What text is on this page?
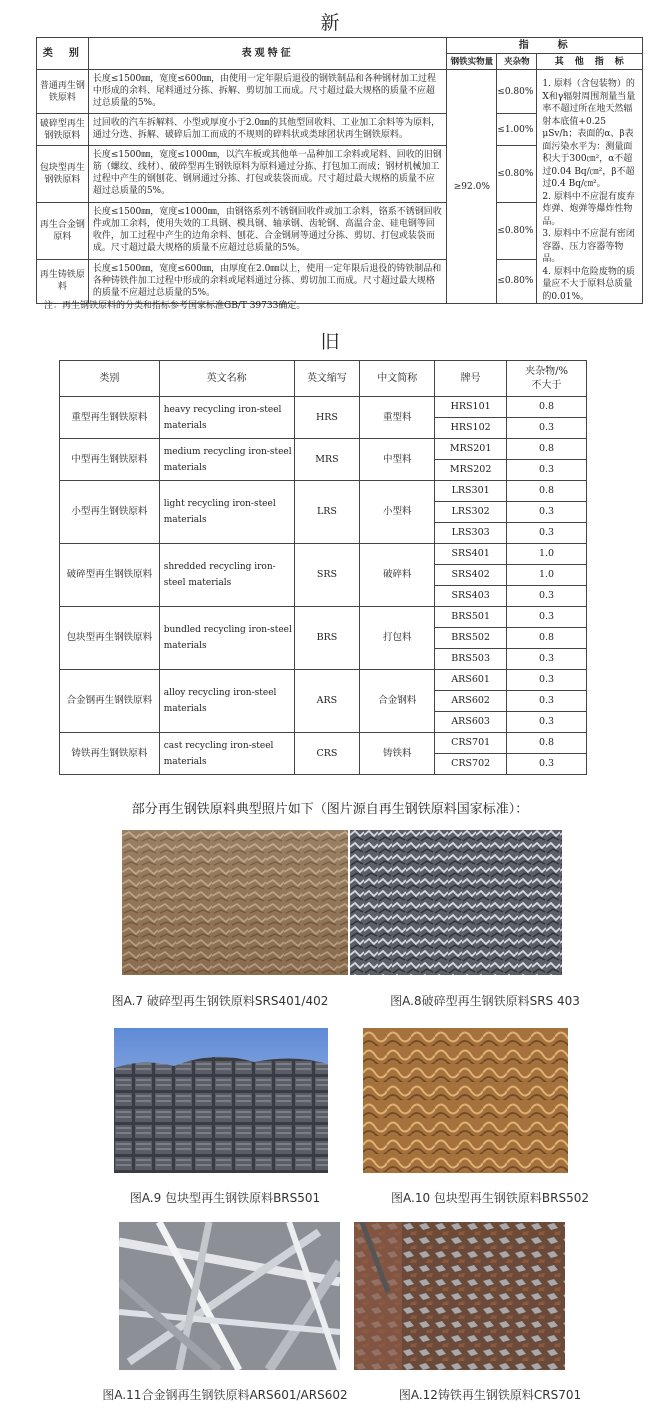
新
类　别	表观特征	指　　标		
		钢铁实物量	夹杂物	其　他　指　标
普通再生钢铁原料	长度≤1500㎜，宽度≤600㎜，由使用一定年限后退役的钢铁制品和各种钢材加工过程中形成的余料、尾料通过分拣、拆解、剪切加工而成。尺寸超过最大规格的质量不应超过总质量的5%。	≥92.0%	≤0.80%	1. 原料（含包装物）的X和γ辐射周围剂量当量率不超过所在地天然辐射本底值+0.25 μSv/h；表面的α、β表面污染水平为：测量面积大于300㎝²，α不超过0.04 Bq/㎝²，β不超过0.4 Bq/㎝²。
2. 原料中不应混有废弃炸弹、炮弹等爆炸性物品。
3. 原料中不应混有密闭容器、压力容器等物品。
4. 原料中危险废物的质量应不大于原料总质量的0.01%。

破碎型再生钢铁原料	过回收的汽车拆解料、小型或厚度小于2.0㎜的其他型回收料、工业加工余料等为原料，通过分选、拆解、破碎后加工而成的不规则的碎料状或类球团状再生钢铁原料。		≤1.00%	
包块型再生钢铁原料	长度≤1500㎜，宽度≤1000㎜，以汽车板或其他单一品种加工余料或尾料、回收的旧钢筋（螺纹、线材）、破碎型再生钢铁原料为原料通过分拣、打包加工而成；钢材机械加工过程中产生的钢刨花、钢屑通过分拣、打包或装袋而成。尺寸超过最大规格的质量不应超过总质量的5%。		≤0.80%	
再生合金钢原料	长度≤1500㎜，宽度≤1000㎜，由钢铬系列不锈钢回收件或加工余料，铬系不锈钢回收件或加工余料，使用失效的工具钢、模具钢、轴承钢、齿轮钢、高温合金、硅电钢等回收件，加工过程中产生的边角余料、刨花、合金钢屑等通过分拣、剪切、打包或装袋而成。尺寸超过最大规格的质量不应超过总质量的5%。		≤0.80%	
再生铸铁原料	长度≤1500㎜，宽度≤600㎜，由厚度在2.0㎜以上，使用一定年限后退役的铸铁制品和各种铸铁件加工过程中形成的余料或尾料通过分拣、剪切加工而成。尺寸超过最大规格的质量不应超过总质量的5%。		≤0.80%	
注：再生钢铁原料的分类和指标参考国家标准GB/T 39733确定。
旧
类别	英文名称	英文缩写	中文简称	牌号	夹杂物/%
不大于
重型再生钢铁原料	heavy recycling iron-steel materials	HRS	重型料	HRS101	0.8
				HRS102	0.3
中型再生钢铁原料	medium recycling iron-steel materials	MRS	中型料	MRS201	0.8
				MRS202	0.3
小型再生钢铁原料	light recycling iron-steel materials	LRS	小型料	LRS301	0.8
				LRS302	0.3
				LRS303	0.3
破碎型再生钢铁原料	shredded recycling iron-steel materials	SRS	破碎料	SRS401	1.0
				SRS402	1.0
				SRS403	0.3
包块型再生钢铁原料	bundled recycling iron-steel materials	BRS	打包料	BRS501	0.3
				BRS502	0.8
				BRS503	0.3
合金钢再生钢铁原料	alloy recycling iron-steel materials	ARS	合金钢料	ARS601	0.3
				ARS602	0.3
				ARS603	0.3
铸铁再生钢铁原料	cast recycling iron-steel materials	CRS	铸铁料	CRS701	0.8
				CRS702	0.3
部分再生钢铁原料典型照片如下（图片源自再生钢铁原料国家标准）：
图A.7 破碎型再生钢铁原料SRS401/402	图A.8破碎型再生钢铁原料SRS 403
图A.9 包块型再生钢铁原料BRS501	图A.10 包块型再生钢铁原料BRS502
图A.11合金钢再生钢铁原料ARS601/ARS602	图A.12铸铁再生钢铁原料CRS701
